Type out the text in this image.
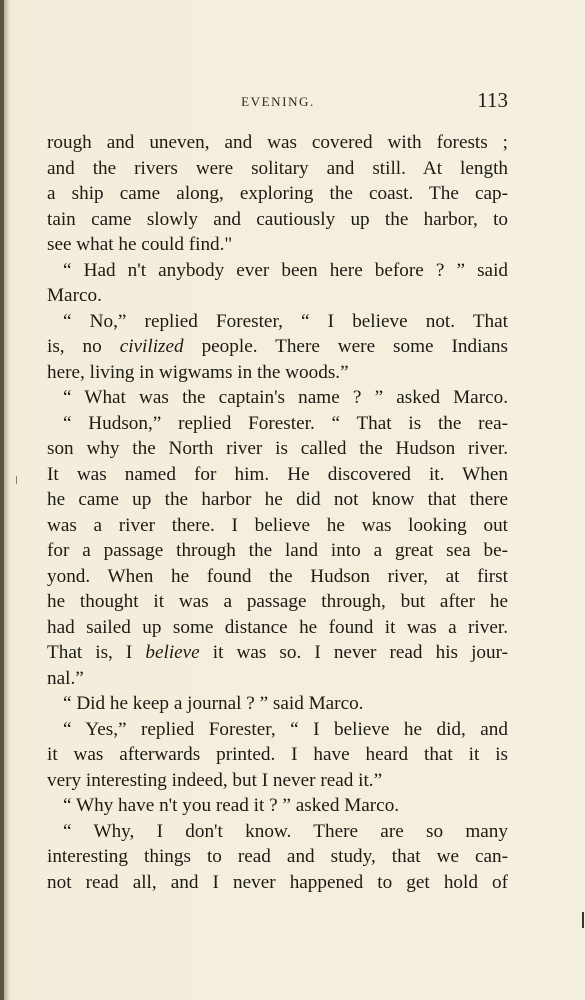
EVENING.	113
rough and uneven, and was covered with forests ;
and the rivers were solitary and still. At length
a ship came along, exploring the coast. The cap-
tain came slowly and cautiously up the harbor, to
see what he could find."
“ Had n't anybody ever been here before ? ” said
Marco.
“ No,” replied Forester, “ I believe not. That
is, no civilized people. There were some Indians
here, living in wigwams in the woods.”
“ What was the captain's name ? ” asked Marco.
“ Hudson,” replied Forester. “ That is the rea-
son why the North river is called the Hudson river.
It was named for him. He discovered it. When
he came up the harbor he did not know that there
was a river there. I believe he was looking out
for a passage through the land into a great sea be-
yond. When he found the Hudson river, at first
he thought it was a passage through, but after he
had sailed up some distance he found it was a river.
That is, I believe it was so. I never read his jour-
nal.”
“ Did he keep a journal ? ” said Marco.
“ Yes,” replied Forester, “ I believe he did, and
it was afterwards printed. I have heard that it is
very interesting indeed, but I never read it.”
“ Why have n't you read it ? ” asked Marco.
“ Why, I don't know. There are so many
interesting things to read and study, that we can-
not read all, and I never happened to get hold of
